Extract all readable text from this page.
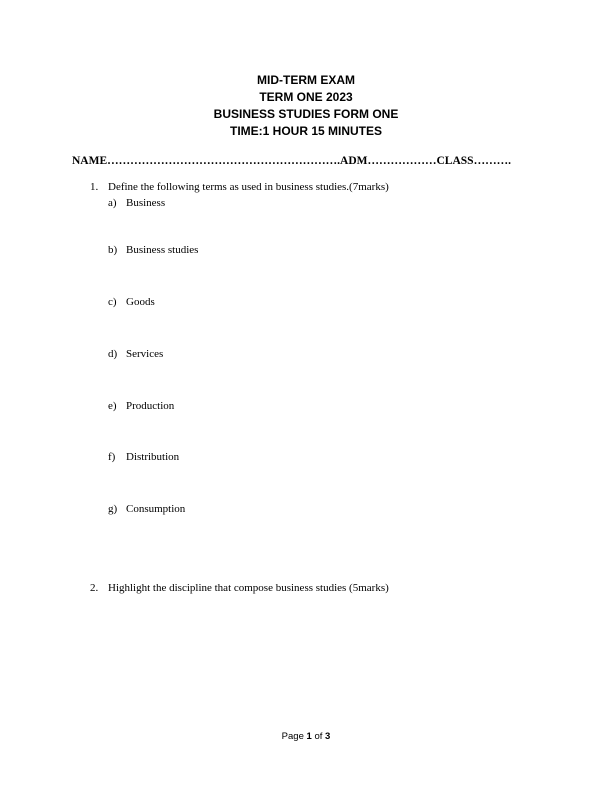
MID-TERM EXAM
TERM ONE 2023
BUSINESS STUDIES FORM ONE
TIME:1 HOUR 15 MINUTES
NAME…………………………………………………….ADM………………CLASS……….
1. Define the following terms as used in business studies.(7marks)
a) Business
b) Business studies
c) Goods
d) Services
e) Production
f) Distribution
g) Consumption
2. Highlight the discipline that compose business studies (5marks)
Page 1 of 3
